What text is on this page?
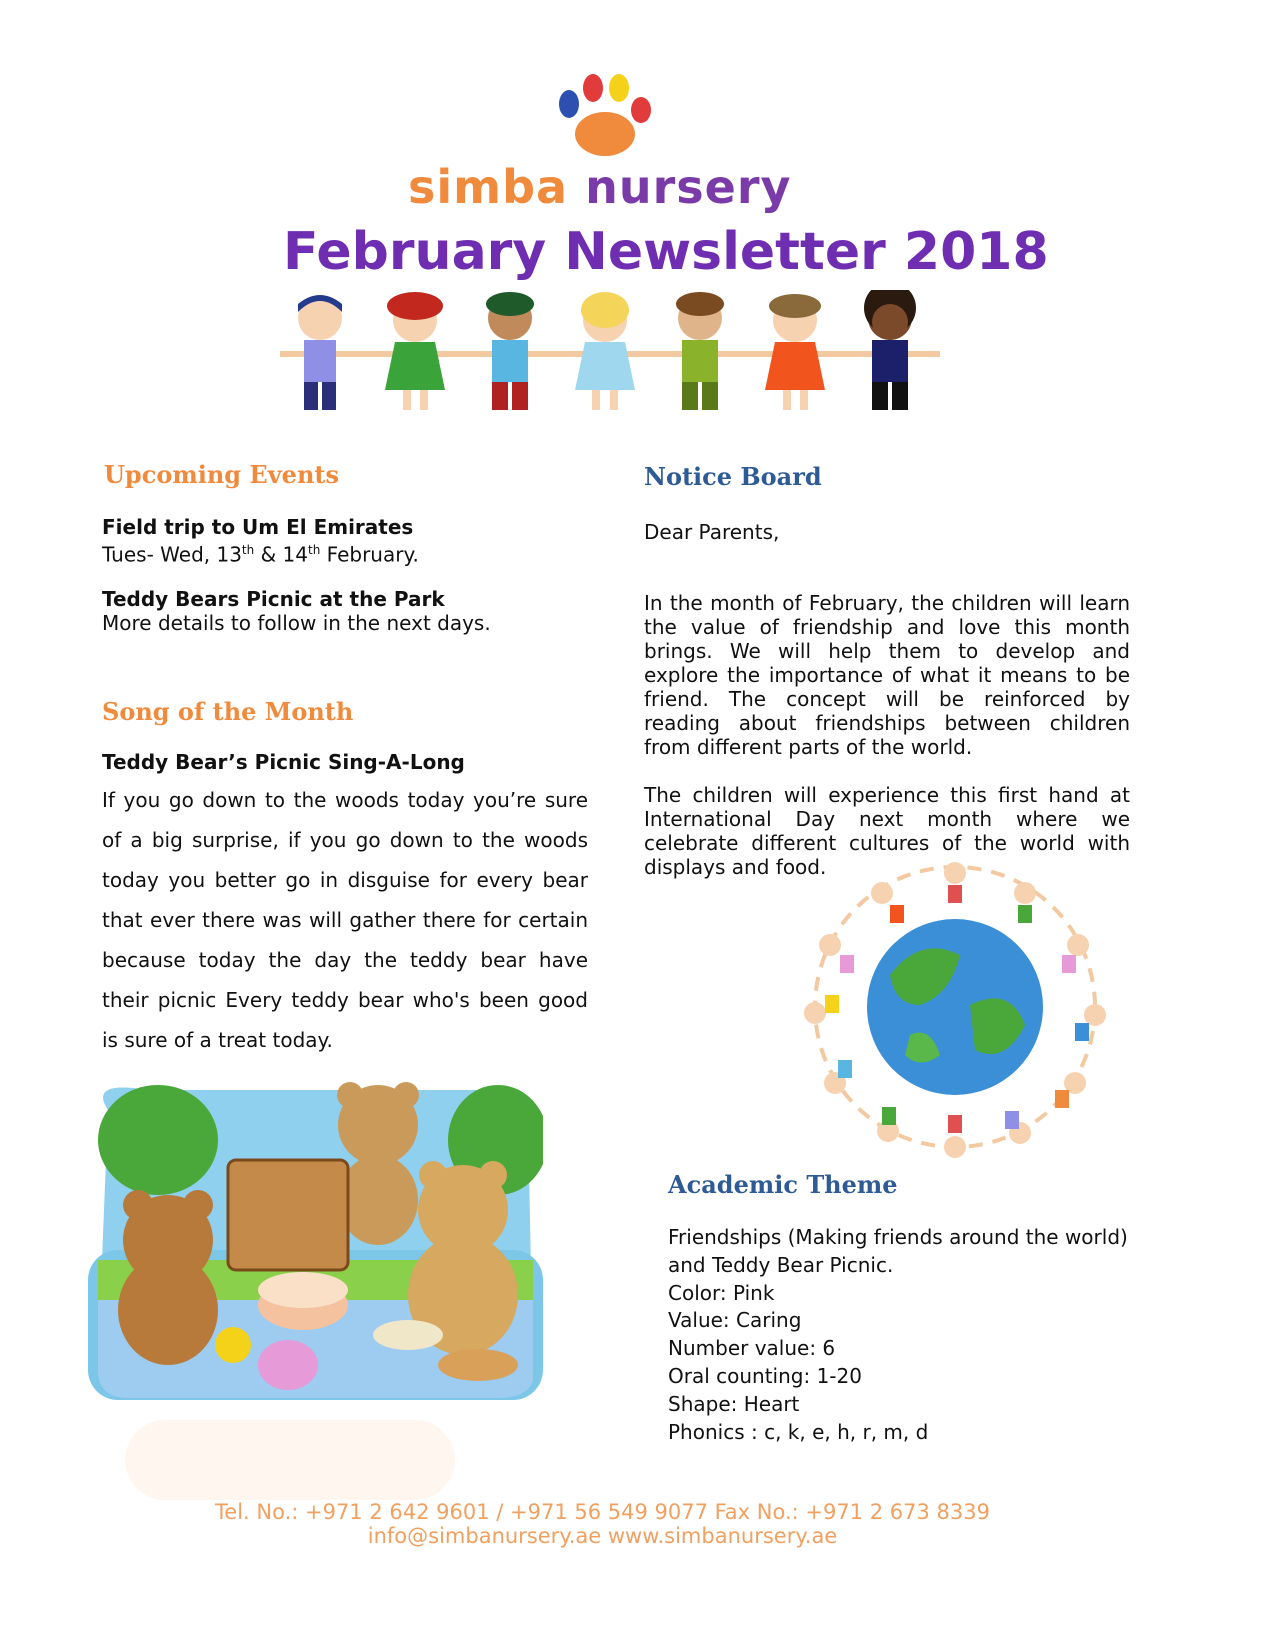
simba nursery
February Newsletter 2018
Upcoming Events
Field trip to Um El Emirates
Tues- Wed, 13th & 14th February.
Teddy Bears Picnic at the Park
More details to follow in the next days.
Song of the Month
Teddy Bear’s Picnic Sing-A-Long
If you go down to the woods today you’re sure of a big surprise, if you go down to the woods today you better go in disguise for every bear that ever there was will gather there for certain because today the day the teddy bear have their picnic Every teddy bear who's been good is sure of a treat today.
Notice Board
Dear Parents,
In the month of February, the children will learn the value of friendship and love this month brings. We will help them to develop and explore the importance of what it means to be friend. The concept will be reinforced by reading about friendships between children from different parts of the world.
The children will experience this first hand at International Day next month where we celebrate different cultures of the world with displays and food.
Academic Theme
Friendships (Making friends around the world)
and Teddy Bear Picnic.
Color: Pink
Value: Caring
Number value: 6
Oral counting: 1-20
Shape: Heart
Phonics : c, k, e, h, r, m, d
Tel. No.: +971 2 642 9601 / +971 56 549 9077 Fax No.: +971 2 673 8339
info@simbanursery.ae www.simbanursery.ae
